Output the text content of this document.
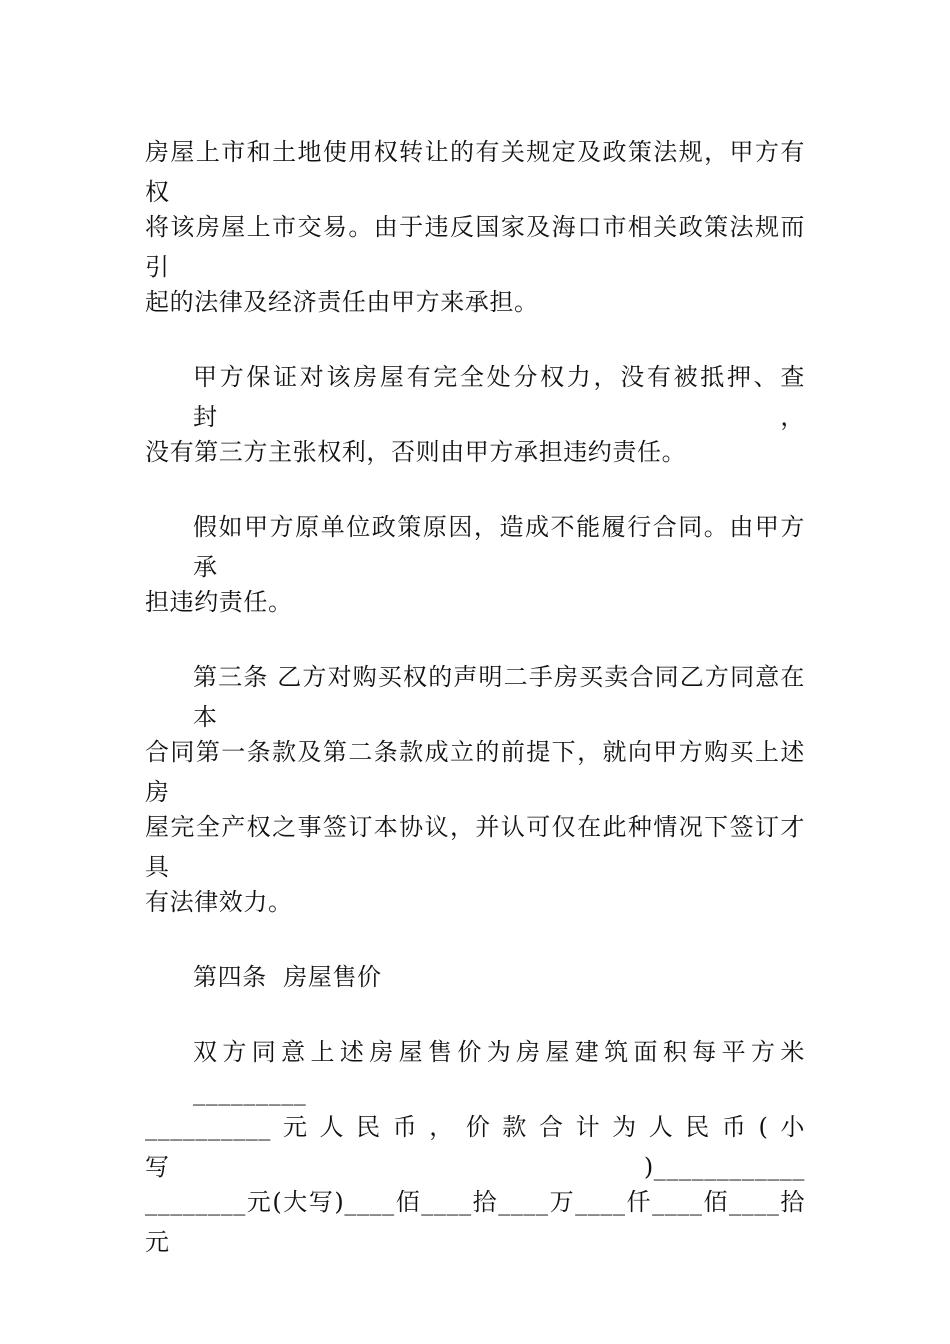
房屋上市和土地使用权转让的有关规定及政策法规，甲方有权
将该房屋上市交易。由于违反国家及海口市相关政策法规而引
起的法律及经济责任由甲方来承担。
甲方保证对该房屋有完全处分权力，没有被抵押、查封，
没有第三方主张权利，否则由甲方承担违约责任。
假如甲方原单位政策原因，造成不能履行合同。由甲方承
担违约责任。
第三条 乙方对购买权的声明二手房买卖合同乙方同意在本
合同第一条款及第二条款成立的前提下，就向甲方购买上述房
屋完全产权之事签订本协议，并认可仅在此种情况下签订才具
有法律效力。
第四条  房屋售价
双方同意上述房屋售价为房屋建筑面积每平方米_________
__________元人民币，价款合计为人民币(小写)____________
________元(大写)____佰____拾____万____仟____佰____拾元
